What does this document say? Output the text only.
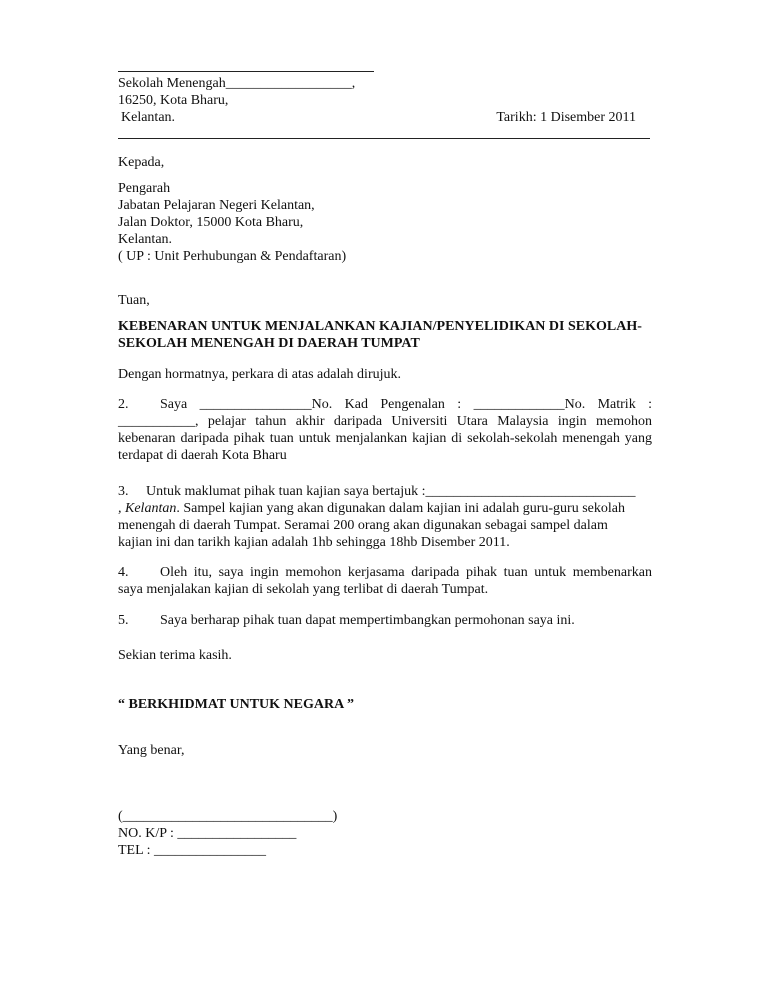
Sekolah Menengah__________________,
16250, Kota Bharu,
Kelantan.	Tarikh: 1 Disember 2011
Kepada,
Pengarah
Jabatan Pelajaran Negeri Kelantan,
Jalan Doktor, 15000 Kota Bharu,
Kelantan.
( UP : Unit Perhubungan & Pendaftaran)
Tuan,
KEBENARAN UNTUK MENJALANKAN KAJIAN/PENYELIDIKAN DI SEKOLAH-
SEKOLAH MENENGAH DI DAERAH TUMPAT
Dengan hormatnya, perkara di atas adalah dirujuk.
2. Saya ________________No. Kad Pengenalan : _____________No. Matrik :
___________, pelajar tahun akhir daripada Universiti Utara Malaysia ingin memohon
kebenaran daripada pihak tuan untuk menjalankan kajian di sekolah-sekolah menengah yang
terdapat di daerah Kota Bharu
3. Untuk maklumat pihak tuan kajian saya bertajuk :______________________________
, Kelantan. Sampel kajian yang akan digunakan dalam kajian ini adalah guru-guru sekolah
menengah di daerah Tumpat. Seramai 200 orang akan digunakan sebagai sampel dalam
kajian ini dan tarikh kajian adalah 1hb sehingga 18hb Disember 2011.
4. Oleh itu, saya ingin memohon kerjasama daripada pihak tuan untuk membenarkan
saya menjalakan kajian di sekolah yang terlibat di daerah Tumpat.
5. Saya berharap pihak tuan dapat mempertimbangkan permohonan saya ini.
Sekian terima kasih.
“ BERKHIDMAT UNTUK NEGARA ”
Yang benar,
(______________________________)
NO. K/P : _________________
TEL : ________________
